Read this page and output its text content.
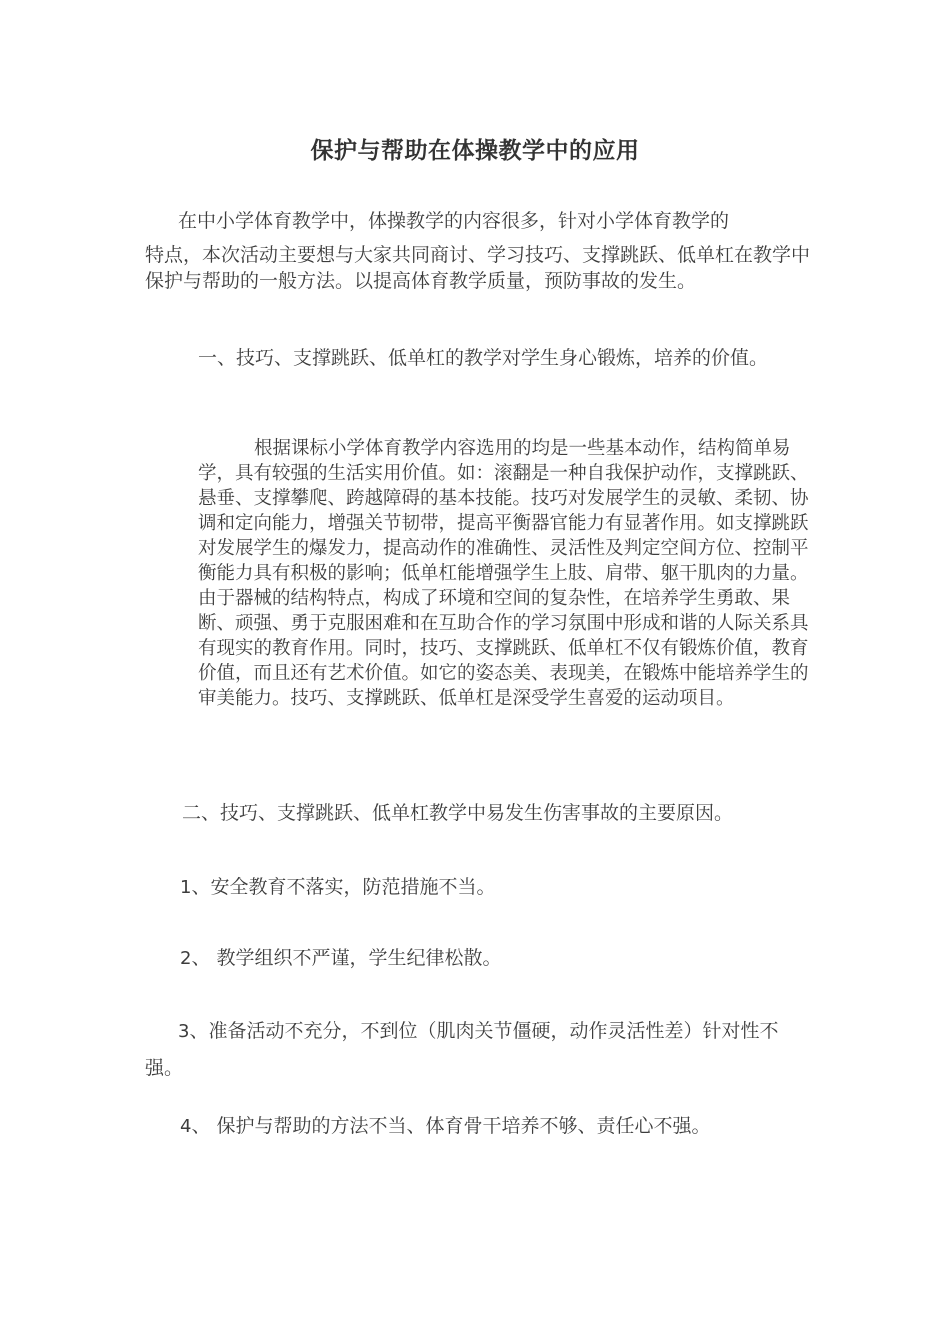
保护与帮助在体操教学中的应用
在中小学体育教学中，体操教学的内容很多，针对小学体育教学的
特点，本次活动主要想与大家共同商讨、学习技巧、支撑跳跃、低单杠在教学中保护与帮助的一般方法。以提高体育教学质量，预防事故的发生。
一、技巧、支撑跳跃、低单杠的教学对学生身心锻炼，培养的价值。
根据课标小学体育教学内容选用的均是一些基本动作，结构简单易学，具有较强的生活实用价值。如：滚翻是一种自我保护动作，支撑跳跃、悬垂、支撑攀爬、跨越障碍的基本技能。技巧对发展学生的灵敏、柔韧、协调和定向能力，增强关节韧带，提高平衡器官能力有显著作用。如支撑跳跃对发展学生的爆发力，提高动作的准确性、灵活性及判定空间方位、控制平衡能力具有积极的影响；低单杠能增强学生上肢、肩带、躯干肌肉的力量。由于器械的结构特点，构成了环境和空间的复杂性，在培养学生勇敢、果断、顽强、勇于克服困难和在互助合作的学习氛围中形成和谐的人际关系具有现实的教育作用。同时，技巧、支撑跳跃、低单杠不仅有锻炼价值，教育价值，而且还有艺术价值。如它的姿态美、表现美，在锻炼中能培养学生的审美能力。技巧、支撑跳跃、低单杠是深受学生喜爱的运动项目。
二、技巧、支撑跳跃、低单杠教学中易发生伤害事故的主要原因。
1、安全教育不落实，防范措施不当。
2、 教学组织不严谨，学生纪律松散。
3、准备活动不充分，不到位（肌肉关节僵硬，动作灵活性差）针对性不强。
4、 保护与帮助的方法不当、体育骨干培养不够、责任心不强。
